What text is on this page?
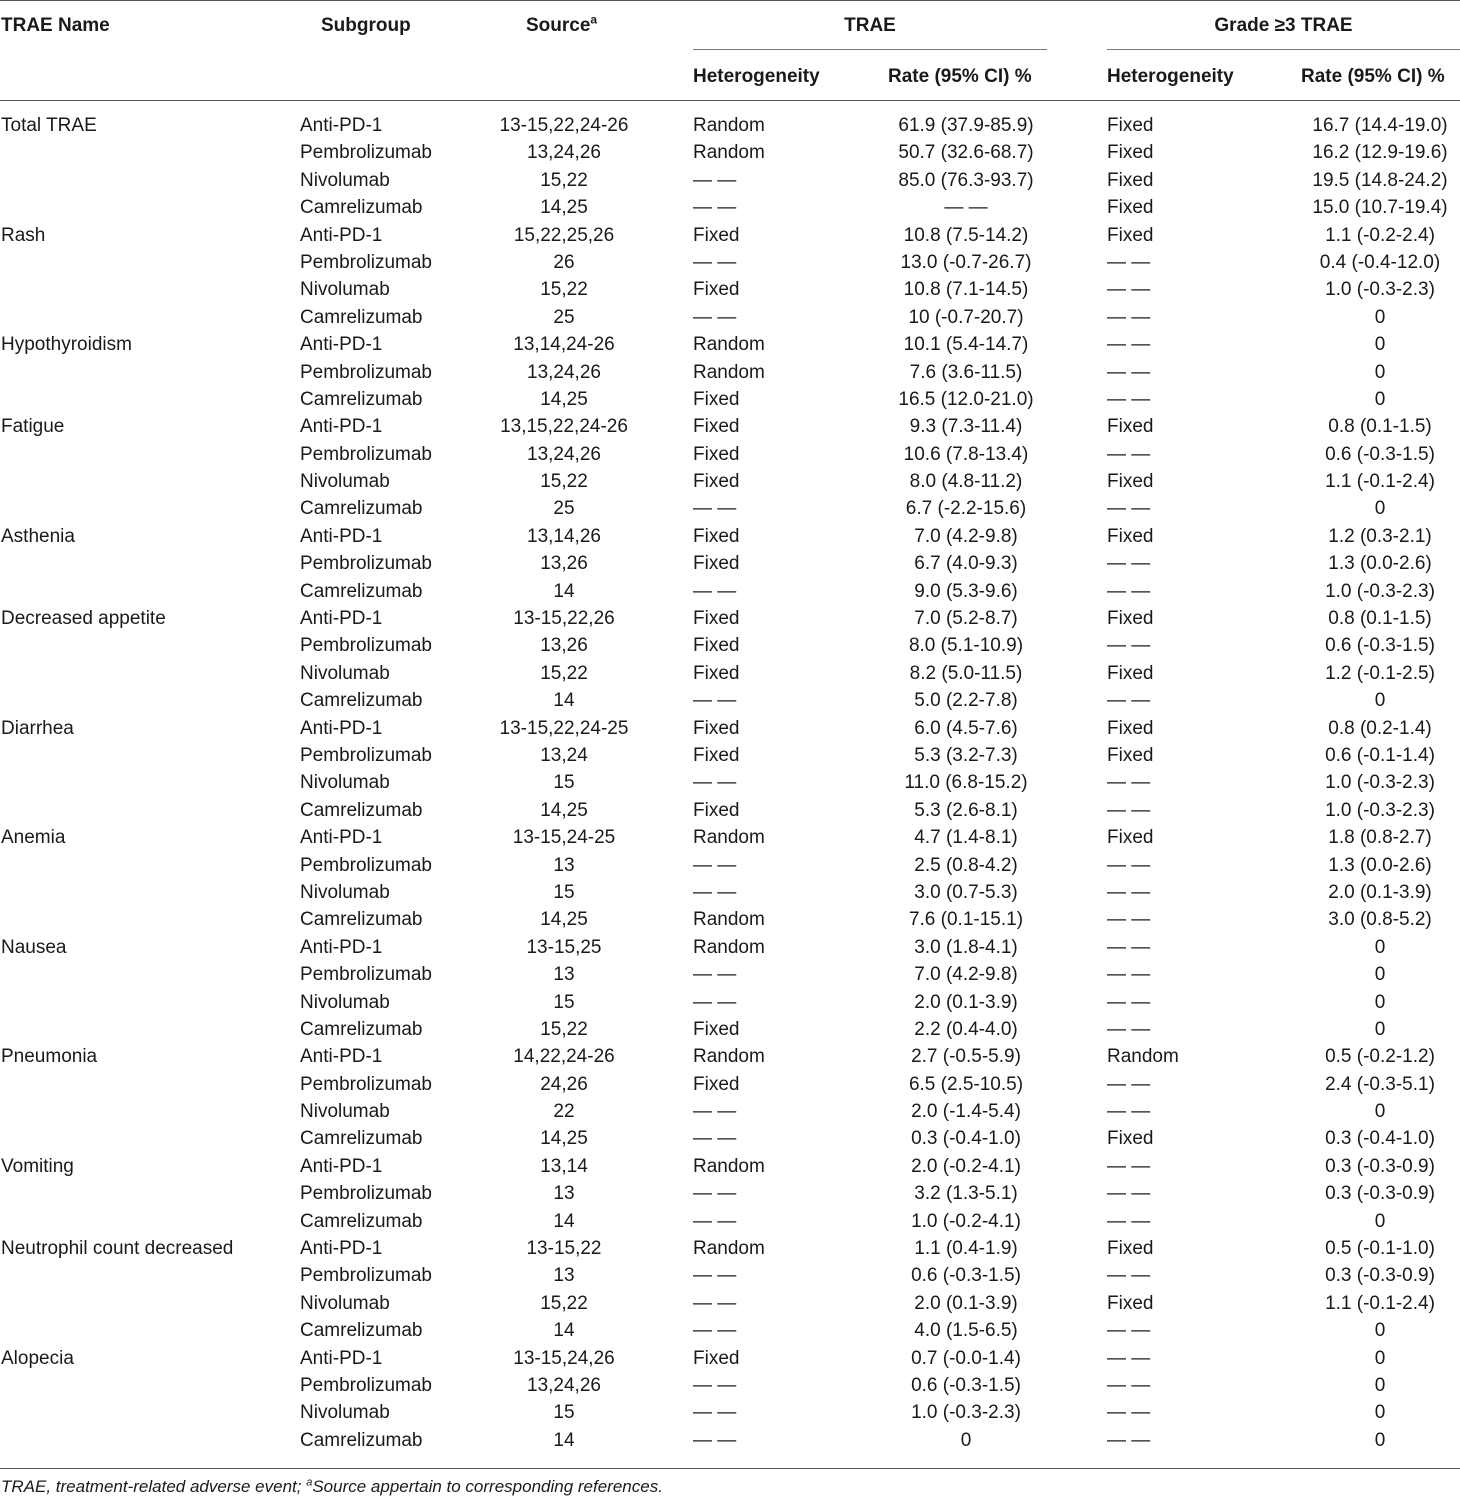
TRAE Name	Subgroup	Source$^a$	TRAE	Grade ≥3 TRAE
Heterogeneity	Rate (95% CI) %	Heterogeneity	Rate (95% CI) %
Total TRAE	Anti-PD-1	13-15,22,24-26	Random	61.9 (37.9-85.9)	Fixed	16.7 (14.4-19.0)
Pembrolizumab	13,24,26	Random	50.7 (32.6-68.7)	Fixed	16.2 (12.9-19.6)
Nivolumab	15,22	— —	85.0 (76.3-93.7)	Fixed	19.5 (14.8-24.2)
Camrelizumab	14,25	— —	— —	Fixed	15.0 (10.7-19.4)
Rash	Anti-PD-1	15,22,25,26	Fixed	10.8 (7.5-14.2)	Fixed	1.1 (-0.2-2.4)
Pembrolizumab	26	— —	13.0 (-0.7-26.7)	— —	0.4 (-0.4-12.0)
Nivolumab	15,22	Fixed	10.8 (7.1-14.5)	— —	1.0 (-0.3-2.3)
Camrelizumab	25	— —	10 (-0.7-20.7)	— —	0
Hypothyroidism	Anti-PD-1	13,14,24-26	Random	10.1 (5.4-14.7)	— —	0
Pembrolizumab	13,24,26	Random	7.6 (3.6-11.5)	— —	0
Camrelizumab	14,25	Fixed	16.5 (12.0-21.0)	— —	0
Fatigue	Anti-PD-1	13,15,22,24-26	Fixed	9.3 (7.3-11.4)	Fixed	0.8 (0.1-1.5)
Pembrolizumab	13,24,26	Fixed	10.6 (7.8-13.4)	— —	0.6 (-0.3-1.5)
Nivolumab	15,22	Fixed	8.0 (4.8-11.2)	Fixed	1.1 (-0.1-2.4)
Camrelizumab	25	— —	6.7 (-2.2-15.6)	— —	0
Asthenia	Anti-PD-1	13,14,26	Fixed	7.0 (4.2-9.8)	Fixed	1.2 (0.3-2.1)
Pembrolizumab	13,26	Fixed	6.7 (4.0-9.3)	— —	1.3 (0.0-2.6)
Camrelizumab	14	— —	9.0 (5.3-9.6)	— —	1.0 (-0.3-2.3)
Decreased appetite	Anti-PD-1	13-15,22,26	Fixed	7.0 (5.2-8.7)	Fixed	0.8 (0.1-1.5)
Pembrolizumab	13,26	Fixed	8.0 (5.1-10.9)	— —	0.6 (-0.3-1.5)
Nivolumab	15,22	Fixed	8.2 (5.0-11.5)	Fixed	1.2 (-0.1-2.5)
Camrelizumab	14	— —	5.0 (2.2-7.8)	— —	0
Diarrhea	Anti-PD-1	13-15,22,24-25	Fixed	6.0 (4.5-7.6)	Fixed	0.8 (0.2-1.4)
Pembrolizumab	13,24	Fixed	5.3 (3.2-7.3)	Fixed	0.6 (-0.1-1.4)
Nivolumab	15	— —	11.0 (6.8-15.2)	— —	1.0 (-0.3-2.3)
Camrelizumab	14,25	Fixed	5.3 (2.6-8.1)	— —	1.0 (-0.3-2.3)
Anemia	Anti-PD-1	13-15,24-25	Random	4.7 (1.4-8.1)	Fixed	1.8 (0.8-2.7)
Pembrolizumab	13	— —	2.5 (0.8-4.2)	— —	1.3 (0.0-2.6)
Nivolumab	15	— —	3.0 (0.7-5.3)	— —	2.0 (0.1-3.9)
Camrelizumab	14,25	Random	7.6 (0.1-15.1)	— —	3.0 (0.8-5.2)
Nausea	Anti-PD-1	13-15,25	Random	3.0 (1.8-4.1)	— —	0
Pembrolizumab	13	— —	7.0 (4.2-9.8)	— —	0
Nivolumab	15	— —	2.0 (0.1-3.9)	— —	0
Camrelizumab	15,22	Fixed	2.2 (0.4-4.0)	— —	0
Pneumonia	Anti-PD-1	14,22,24-26	Random	2.7 (-0.5-5.9)	Random	0.5 (-0.2-1.2)
Pembrolizumab	24,26	Fixed	6.5 (2.5-10.5)	— —	2.4 (-0.3-5.1)
Nivolumab	22	— —	2.0 (-1.4-5.4)	— —	0
Camrelizumab	14,25	— —	0.3 (-0.4-1.0)	Fixed	0.3 (-0.4-1.0)
Vomiting	Anti-PD-1	13,14	Random	2.0 (-0.2-4.1)	— —	0.3 (-0.3-0.9)
Pembrolizumab	13	— —	3.2 (1.3-5.1)	— —	0.3 (-0.3-0.9)
Camrelizumab	14	— —	1.0 (-0.2-4.1)	— —	0
Neutrophil count decreased	Anti-PD-1	13-15,22	Random	1.1 (0.4-1.9)	Fixed	0.5 (-0.1-1.0)
Pembrolizumab	13	— —	0.6 (-0.3-1.5)	— —	0.3 (-0.3-0.9)
Nivolumab	15,22	— —	2.0 (0.1-3.9)	Fixed	1.1 (-0.1-2.4)
Camrelizumab	14	— —	4.0 (1.5-6.5)	— —	0
Alopecia	Anti-PD-1	13-15,24,26	Fixed	0.7 (-0.0-1.4)	— —	0
Pembrolizumab	13,24,26	— —	0.6 (-0.3-1.5)	— —	0
Nivolumab	15	— —	1.0 (-0.3-2.3)	— —	0
Camrelizumab	14	— —	0	— —	0
TRAE, treatment-related adverse event; $^a$Source appertain to corresponding references.
